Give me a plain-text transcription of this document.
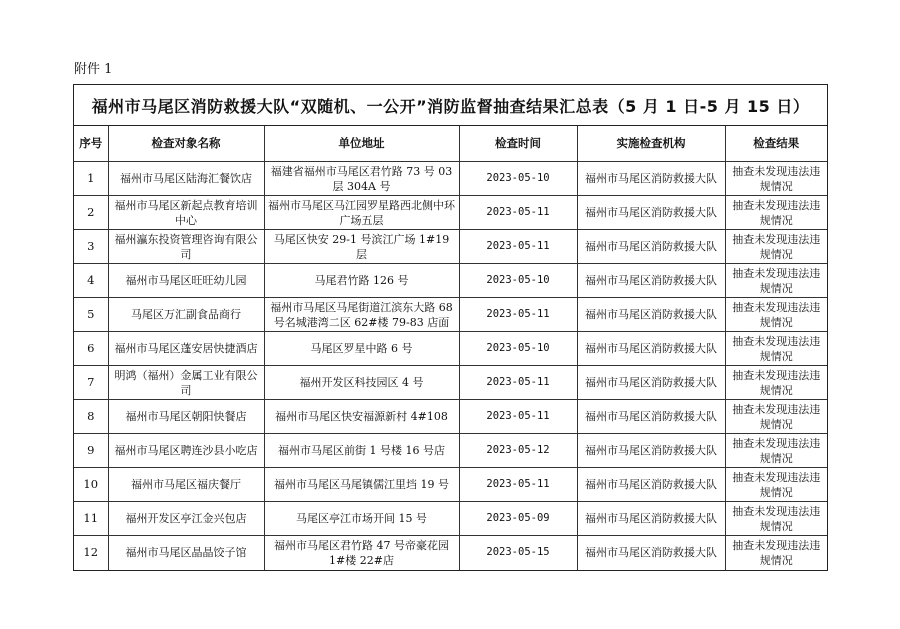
附件 1
福州市马尾区消防救援大队“双随机、一公开”消防监督抽查结果汇总表（5 月 1 日-5 月 15 日）
序号	检查对象名称	单位地址	检查时间	实施检查机构	检查结果
1	福州市马尾区陆海汇餐饮店	福建省福州市马尾区君竹路 73 号 03 层 304A 号	2023-05-10	福州市马尾区消防救援大队	抽查未发现违法违规情况
2	福州市马尾区新起点教育培训中心	福州市马尾区马江园罗星路西北侧中环广场五层	2023-05-11	福州市马尾区消防救援大队	抽查未发现违法违规情况
3	福州瀛东投资管理咨询有限公司	马尾区快安 29-1 号滨江广场 1#19 层	2023-05-11	福州市马尾区消防救援大队	抽查未发现违法违规情况
4	福州市马尾区旺旺幼儿园	马尾君竹路 126 号	2023-05-10	福州市马尾区消防救援大队	抽查未发现违法违规情况
5	马尾区万汇副食品商行	福州市马尾区马尾街道江滨东大路 68 号名城港湾二区 62#楼 79-83 店面	2023-05-11	福州市马尾区消防救援大队	抽查未发现违法违规情况
6	福州市马尾区蓬安居快捷酒店	马尾区罗星中路 6 号	2023-05-10	福州市马尾区消防救援大队	抽查未发现违法违规情况
7	明鸿（福州）金属工业有限公司	福州开发区科技园区 4 号	2023-05-11	福州市马尾区消防救援大队	抽查未发现违法违规情况
8	福州市马尾区朝阳快餐店	福州市马尾区快安福源新村 4#108	2023-05-11	福州市马尾区消防救援大队	抽查未发现违法违规情况
9	福州市马尾区聘连沙县小吃店	福州市马尾区前街 1 号楼 16 号店	2023-05-12	福州市马尾区消防救援大队	抽查未发现违法违规情况
10	福州市马尾区福庆餐厅	福州市马尾区马尾镇儒江里垱 19 号	2023-05-11	福州市马尾区消防救援大队	抽查未发现违法违规情况
11	福州开发区亭江金兴包店	马尾区亭江市场开间 15 号	2023-05-09	福州市马尾区消防救援大队	抽查未发现违法违规情况
12	福州市马尾区晶晶饺子馆	福州市马尾区君竹路 47 号帝豪花园 1#楼 22#店	2023-05-15	福州市马尾区消防救援大队	抽查未发现违法违规情况
